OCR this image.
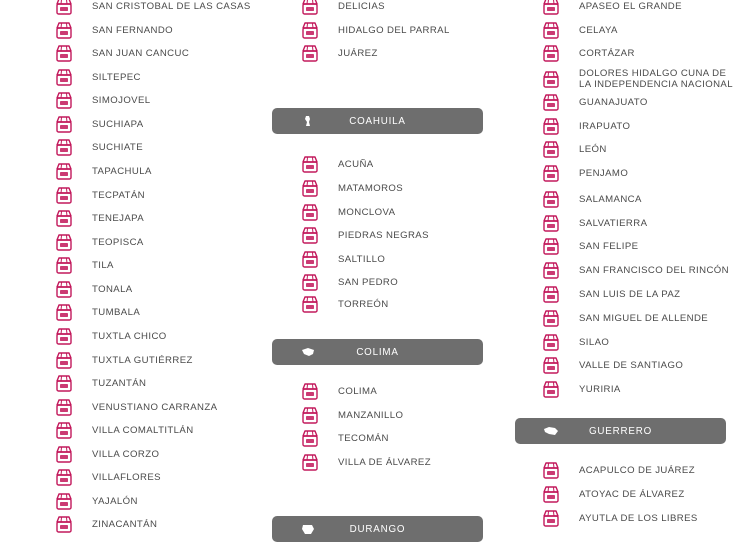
SAN CRISTOBAL DE LAS CASAS
SAN FERNANDO
SAN JUAN CANCUC
SILTEPEC
SIMOJOVEL
SUCHIAPA
SUCHIATE
TAPACHULA
TECPATÁN
TENEJAPA
TEOPISCA
TILA
TONALA
TUMBALA
TUXTLA CHICO
TUXTLA GUTIÉRREZ
TUZANTÁN
VENUSTIANO CARRANZA
VILLA COMALTITLÁN
VILLA CORZO
VILLAFLORES
YAJALÓN
ZINACANTÁN
DELICIAS
HIDALGO DEL PARRAL
JUÁREZ
COAHUILA
ACUÑA
MATAMOROS
MONCLOVA
PIEDRAS NEGRAS
SALTILLO
SAN PEDRO
TORREÓN
COLIMA
COLIMA
MANZANILLO
TECOMÁN
VILLA DE ÁLVAREZ
DURANGO
APASEO EL GRANDE
CELAYA
CORTÁZAR
DOLORES HIDALGO CUNA DE LA INDEPENDENCIA NACIONAL
GUANAJUATO
IRAPUATO
LEÓN
PENJAMO
SALAMANCA
SALVATIERRA
SAN FELIPE
SAN FRANCISCO DEL RINCÓN
SAN LUIS DE LA PAZ
SAN MIGUEL DE ALLENDE
SILAO
VALLE DE SANTIAGO
YURIRIA
GUERRERO
ACAPULCO DE JUÁREZ
ATOYAC DE ÁLVAREZ
AYUTLA DE LOS LIBRES
